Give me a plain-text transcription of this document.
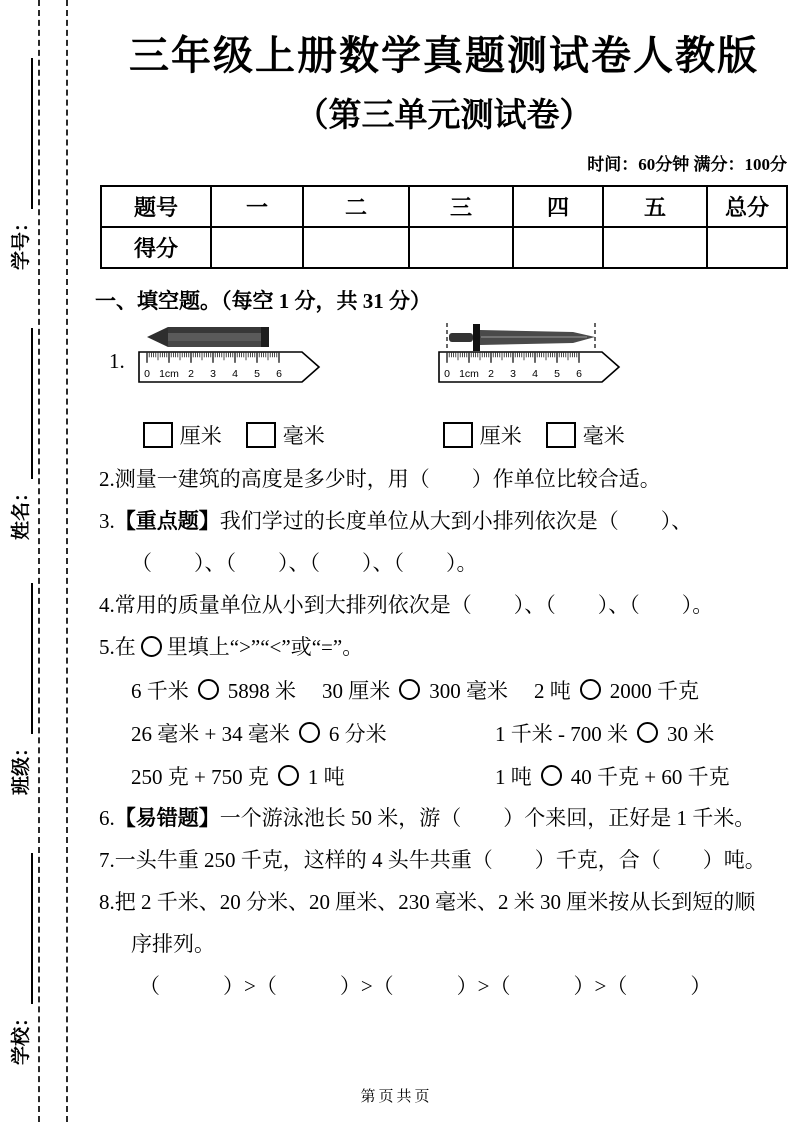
学号：
姓名：
班级：
学校：
三年级上册数学真题测试卷人教版
（第三单元测试卷）
时间：60分钟 满分：100分
题号	一	二	三	四	五	总分
得分						
一、填空题。（每空 1 分，共 31 分）
1.
0 1cm 2 3 4 5 6
厘米	毫米
0 1cm 2 3 4 5 6
厘米	毫米
2.测量一建筑的高度是多少时，用（　　）作单位比较合适。
3.【重点题】我们学过的长度单位从大到小排列依次是（　　）、
（　　）、（　　）、（　　）、（　　）。
4.常用的质量单位从小到大排列依次是（　　）、（　　）、（　　）。
5.在 里填上“>”“<”或“=”。
6 千米 5898 米 30 厘米 300 毫米 2 吨 2000 千克
26 毫米 + 34 毫米 6 分米	1 千米 - 700 米 30 米
250 克 + 750 克 1 吨	1 吨 40 千克 + 60 千克
6.【易错题】一个游泳池长 50 米，游（　　）个来回，正好是 1 千米。
7.一头牛重 250 千克，这样的 4 头牛共重（　　）千克，合（　　）吨。
8.把 2 千米、20 分米、20 厘米、230 毫米、2 米 30 厘米按从长到短的顺
序排列。
（　　　）>（　　　）>（　　　）>（　　　）>（　　　）
第页共页
